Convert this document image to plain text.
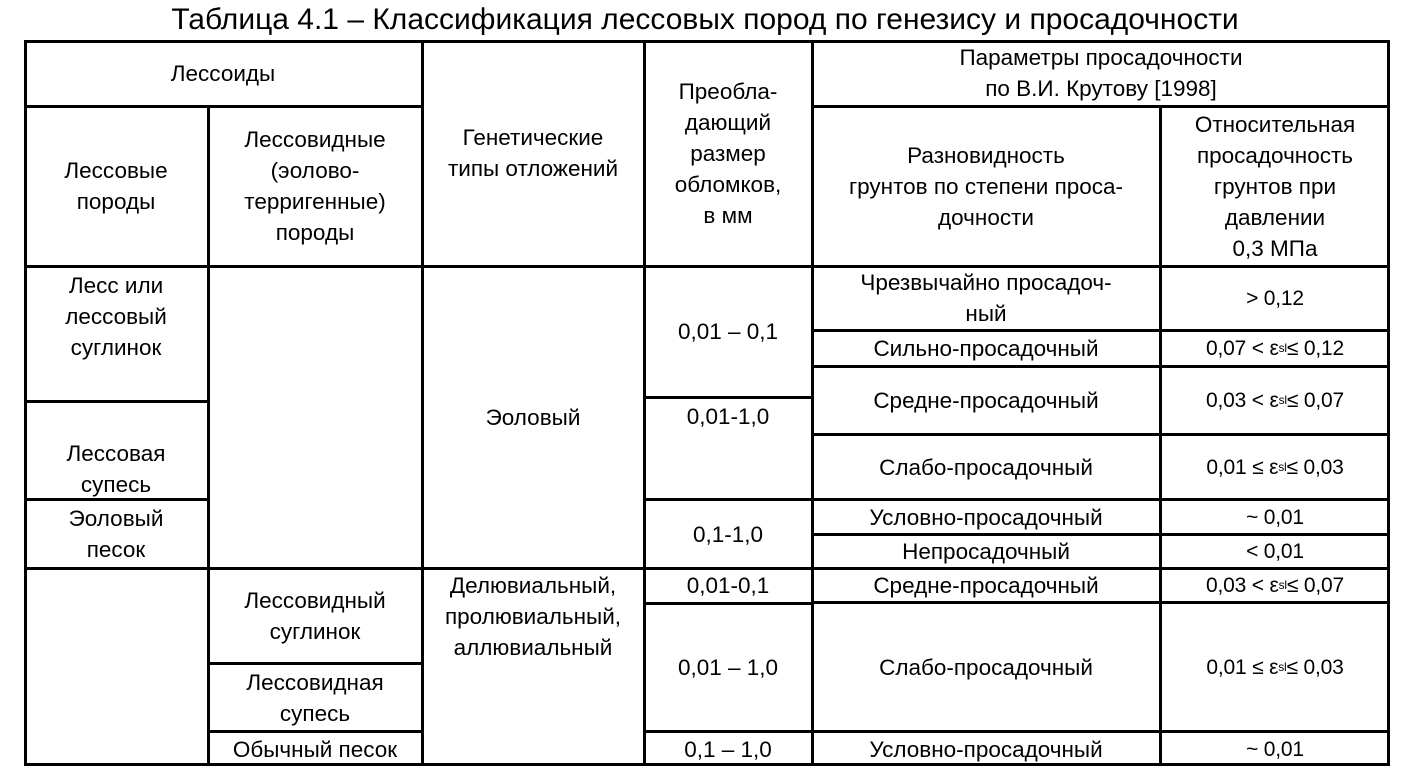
Таблица 4.1 – Классификация лессовых пород по генезису и просадочности
Лессоиды
Лессовые
породы
Лессовидные
(эолово-
терригенные)
породы
Генетические
типы отложений
Преобла-
дающий
размер
обломков,
в мм
Параметры просадочности
по В.И. Крутову [1998]
Разновидность
грунтов по степени проса-
дочности
Относительная
просадочность
грунтов при
давлении
0,3 МПа
Лесс или
лессовый
суглинок
Лессовая
супесь
Эоловый
песок
Лессовидный
суглинок
Лессовидная
супесь
Обычный песок
Эоловый
Делювиальный,
пролювиальный,
аллювиальный
0,01 – 0,1
0,01-1,0
0,1-1,0
0,01-0,1
0,01 – 1,0
0,1 – 1,0
Чрезвычайно просадоч-
ный
Сильно-просадочный
Средне-просадочный
Слабо-просадочный
Условно-просадочный
Непросадочный
Средне-просадочный
Слабо-просадочный
Условно-просадочный
> 0,12
0,07 < ε sl ≤ 0,12
0,03 < ε sl ≤ 0,07
0,01 ≤ ε sl ≤ 0,03
~ 0,01
< 0,01
0,03 < ε sl ≤ 0,07
0,01 ≤ ε sl ≤ 0,03
~ 0,01
